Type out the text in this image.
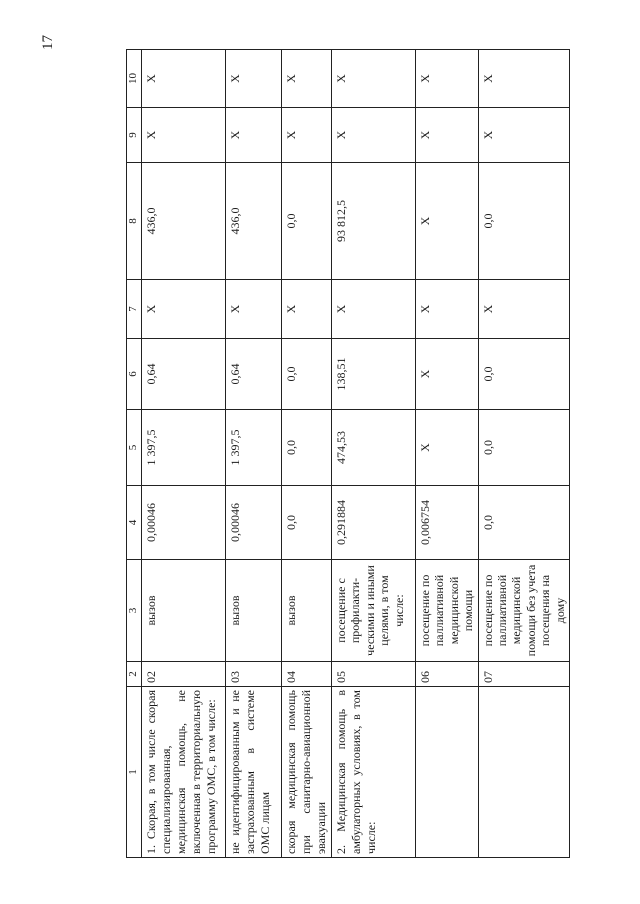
17
1	2	3	4	5	6	7	8	9	10
1. Скорая, в том числе скорая специализированная, медицинская помощь, не включенная в территориальную программу ОМС, в том числе:	02	вызов	0,00046	1 397,5	0,64	Х	436,0	Х	Х
не идентифицированным и не застрахованным в системе ОМС лицам	03	вызов	0,00046	1 397,5	0,64	Х	436,0	Х	Х
скорая медицинская помощь при санитарно-авиационной эвакуации	04	вызов	0,0	0,0	0,0	Х	0,0	Х	Х
2. Медицинская помощь в амбулаторных условиях, в том числе:	05	посещение с профилакти-ческими и иными целями, в том числе:	0,291884	474,53	138,51	Х	93 812,5	Х	Х
	06	посещение по паллиативной медицинской помощи	0,006754	Х	Х	Х	Х	Х	Х
	07	посещение по паллиативной медицинской помощи без учета посещения на дому	0,0	0,0	0,0	Х	0,0	Х	Х
